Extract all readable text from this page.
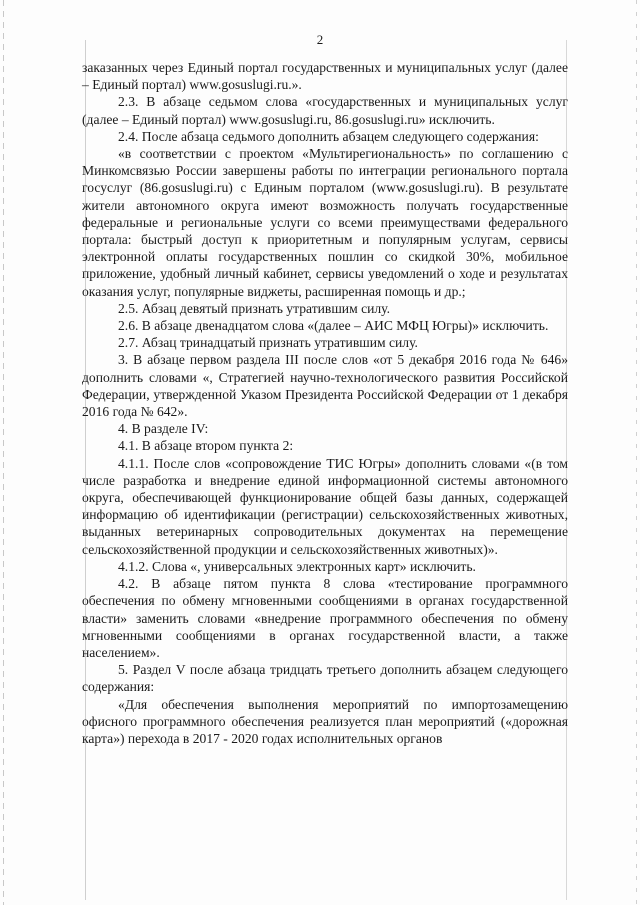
2

заказанных через Единый портал государственных и муниципальных услуг (далее – Единый портал) www.gosuslugi.ru.».

2.3. В абзаце седьмом слова «государственных и муниципальных услуг (далее – Единый портал) www.gosuslugi.ru, 86.gosuslugi.ru» исключить.

2.4. После абзаца седьмого дополнить абзацем следующего содержания:

«в соответствии с проектом «Мультирегиональность» по соглашению с Минкомсвязью России завершены работы по интеграции регионального портала госуслуг (86.gosuslugi.ru) с Единым порталом (www.gosuslugi.ru). В результате жители автономного округа имеют возможность получать государственные федеральные и региональные услуги со всеми преимуществами федерального портала: быстрый доступ к приоритетным и популярным услугам, сервисы электронной оплаты государственных пошлин со скидкой 30%, мобильное приложение, удобный личный кабинет, сервисы уведомлений о ходе и результатах оказания услуг, популярные виджеты, расширенная помощь и др.;

2.5. Абзац девятый признать утратившим силу.

2.6. В абзаце двенадцатом слова «(далее – АИС МФЦ Югры)» исключить.

2.7. Абзац тринадцатый признать утратившим силу.

3. В абзаце первом раздела III после слов «от 5 декабря 2016 года № 646» дополнить словами «, Стратегией научно-технологического развития Российской Федерации, утвержденной Указом Президента Российской Федерации от 1 декабря 2016 года № 642».

4. В разделе IV:

4.1. В абзаце втором пункта 2:

4.1.1. После слов «сопровождение ТИС Югры» дополнить словами «(в том числе разработка и внедрение единой информационной системы автономного округа, обеспечивающей функционирование общей базы данных, содержащей информацию об идентификации (регистрации) сельскохозяйственных животных, выданных ветеринарных сопроводительных документах на перемещение сельскохозяйственной продукции и сельскохозяйственных животных)».

4.1.2. Слова «, универсальных электронных карт» исключить.

4.2. В абзаце пятом пункта 8 слова «тестирование программного обеспечения по обмену мгновенными сообщениями в органах государственной власти» заменить словами «внедрение программного обеспечения по обмену мгновенными сообщениями в органах государственной власти, а также населением».

5. Раздел V после абзаца тридцать третьего дополнить абзацем следующего содержания:

«Для обеспечения выполнения мероприятий по импортозамещению офисного программного обеспечения реализуется план мероприятий («дорожная карта») перехода в 2017 - 2020 годах исполнительных органов
